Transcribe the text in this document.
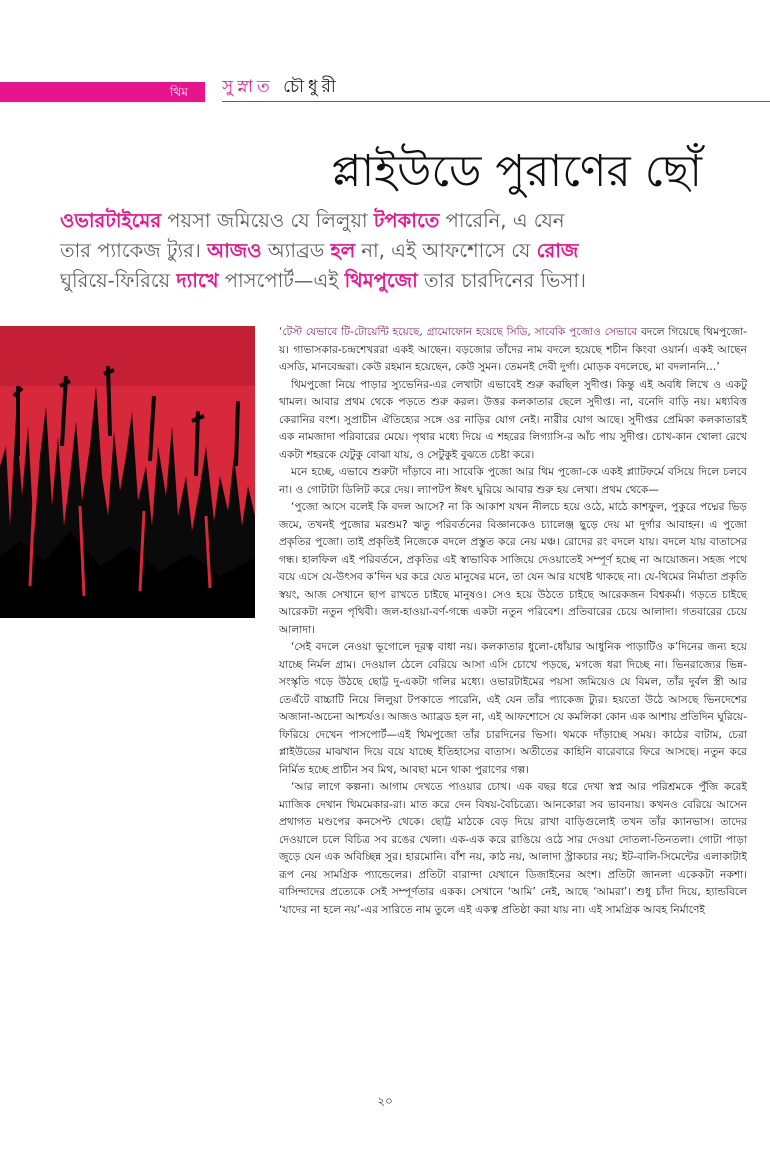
থিম সুস্নাত চৌধুরী
প্লাইউডে পুরাণের ছোঁ
ওভারটাইমের পয়সা জমিয়েও যে লিলুয়া টপকাতে পারেনি, এ যেন
তার প্যাকেজ ট্যুর। আজও অ্যাব্রড হল না, এই আফশোসে যে রোজ
ঘুরিয়ে-ফিরিয়ে দ্যাখে পাসপোর্ট—এই থিমপুজো তার চারদিনের ভিসা।

‘টেস্ট যেভাবে টি-টোয়েন্টি হয়েছে, গ্রামোফোন হয়েছে সিডি, সাবেকি পুজোও সেভাবে বদলে গিয়েছে থিমপুজো-য়। গাভাসকার-চন্দ্রশেখররা একই আছেন। বড়জোর তাঁদের নাম বদলে হয়েছে শচীন কিংবা ওয়ার্ন। একই আছেন এসডি, মানবেন্দ্ররা। কেউ রহমান হয়েছেন, কেউ সুমন। তেমনই দেবী দুর্গা। মোড়ক বদলেছে, মা বদলাননি…’

থিমপুজো নিয়ে পাড়ার স্যুভেনির-এর লেখাটা এভাবেই শুরু করছিল সুদীপ্ত। কিন্তু এই অবধি লিখে ও একটু থামল। আবার প্রথম থেকে পড়তে শুরু করল। উত্তর কলকাতার ছেলে সুদীপ্ত। না, বনেদি বাড়ি নয়। মধ্যবিত্ত কেরানির বংশ। সুপ্রাচীন ঐতিহ্যের সঙ্গে ওর নাড়ির যোগ নেই। নারীর যোগ আছে। সুদীপ্তর প্রেমিকা কলকাতারই এক নামজাদা পরিবারের মেয়ে। পৃথার মধ্যে দিয়ে এ শহরের লিগ্যাসি-র আঁচ পায় সুদীপ্ত। চোখ-কান খোলা রেখে একটা শহরকে যেটুকু বোঝা যায়, ও সেটুকুই বুঝতে চেষ্টা করে।

মনে হচ্ছে, এভাবে শুরুটা দাঁড়াবে না। সাবেকি পুজো আর থিম পুজো-কে একই প্ল্যাটফর্মে বসিয়ে দিলে চলবে না। ও গোটাটা ডিলিট করে দেয়। ল্যাপটপ ঈষৎ ঘুরিয়ে আবার শুরু হয় লেখা। প্রথম থেকে—

‘পুজো আসে বলেই কি বদল আসে? না কি আকাশ যখন নীলচে হয়ে ওঠে, মাঠে কাশফুল, পুকুরে পদ্মের ভিড় জমে, তখনই পুজোর মরশুম? ঋতু পরিবর্তনের বিজ্ঞানকেও চ্যালেঞ্জ ছুড়ে দেয় মা দুর্গার আবাহন। এ পুজো প্রকৃতির পুজো। তাই প্রকৃতিই নিজেকে বদলে প্রস্তুত করে নেয় মঞ্চ। রোদের রং বদলে যায়। বদলে যায় বাতাসের গন্ধ। হালফিল এই পরিবর্তনে, প্রকৃতির এই স্বাভাবিক সাজিয়ে দেওয়াতেই সম্পূর্ণ হচ্ছে না আয়োজন। সহজ পথে বয়ে এসে যে-উৎসব ক’দিন ঘর করে যেত মানুষের মনে, তা যেন আর যথেষ্ট থাকছে না। যে-থিমের নির্মাতা প্রকৃতি স্বয়ং, আজ সেখানে ছাপ রাখতে চাইছে মানুষও। সেও হয়ে উঠতে চাইছে আরেকজন বিশ্বকর্মা। গড়তে চাইছে আরেকটা নতুন পৃথিবী। জল-হাওয়া-বর্ণ-গন্ধে একটা নতুন পরিবেশ। প্রতিবারের চেয়ে আলাদা। গতবারের চেয়ে আলাদা।

‘সেই বদলে নেওয়া ভূগোলে দূরত্ব বাধা নয়। কলকাতার ধুলো-ধোঁয়ার আধুনিক পাড়াটিও ক’দিনের জন্য হয়ে যাচ্ছে নির্মল গ্রাম। দেওয়াল ঠেলে বেরিয়ে আসা এসি চোখে পড়ছে, মগজে ধরা দিচ্ছে না। ভিনরাজ্যের ভিন্ন-সংস্কৃতি গড়ে উঠছে ছোট্ট দু-একটা গলির মধ্যে। ওভারটাইমের পয়সা জমিয়েও যে বিমল, তাঁর দুর্বল স্ত্রী আর তেএঁটে বাচ্চাটি নিয়ে লিলুয়া টপকাতে পারেনি, এই যেন তাঁর প্যাকেজ ট্যুর। হয়তো উঠে আসছে ভিনদেশের অজানা-অচেনা আশ্চর্যও। আজও অ্যাব্রড হল না, এই আফশোসে যে কমলিকা কোন এক আশায় প্রতিদিন ঘুরিয়ে-ফিরিয়ে দেখেন পাসপোর্ট—এই থিমপুজো তাঁর চারদিনের ভিসা। থমকে দাঁড়াচ্ছে সময়। কাঠের বাটাম, চেরা প্লাইউডের মাঝখান দিয়ে বয়ে যাচ্ছে ইতিহাসের বাতাস। অতীতের কাহিনি বারেবারে ফিরে আসছে। নতুন করে নির্মিত হচ্ছে প্রাচীন সব মিথ, আবছা মনে থাকা পুরাণের গল্প।

‘আর লাগে কল্পনা। আগাম দেখতে পাওয়ার চোখ। এক বছর ধরে দেখা স্বপ্ন আর পরিশ্রমকে পুঁজি করেই ম্যাজিক দেখান থিমমেকার-রা। মাত করে দেন বিষয়-বৈচিত্র্যে। আনকোরা সব ভাবনায়। কখনও বেরিয়ে আসেন প্রথাগত মণ্ডপের কনসেপ্ট থেকে। ছোট্ট মাঠকে বেড় দিয়ে রাখা বাড়িগুলোই তখন তাঁর ক্যানভাস। তাদের দেওয়ালে চলে বিচিত্র সব রঙের খেলা। এক-এক করে রাঙিয়ে ওঠে সার দেওয়া দোতলা-তিনতলা। গোটা পাড়া জুড়ে যেন এক অবিচ্ছিন্ন সুর। হারমোনি। বাঁশ নয়, কাঠ নয়, আলাদা স্ট্রাকচার নয়; ইট-বালি-সিমেন্টের এলাকাটাই রূপ নেয় সামগ্রিক প্যান্ডেলের। প্রতিটা বারান্দা যেখানে ডিজাইনের অংশ। প্রতিটা জানলা একেকটা নকশা। বাসিন্দাদের প্রত্যেকে সেই সম্পূর্ণতার একক। সেখানে ‘আমি’ নেই, আছে ‘আমরা’। শুধু চাঁদা দিয়ে, হ্যান্ডবিলে ‘যাদের না হলে নয়’-এর সারিতে নাম তুলে এই একত্ব প্রতিষ্ঠা করা যায় না। এই সামগ্রিক আবহ নির্মাণেই

২০
